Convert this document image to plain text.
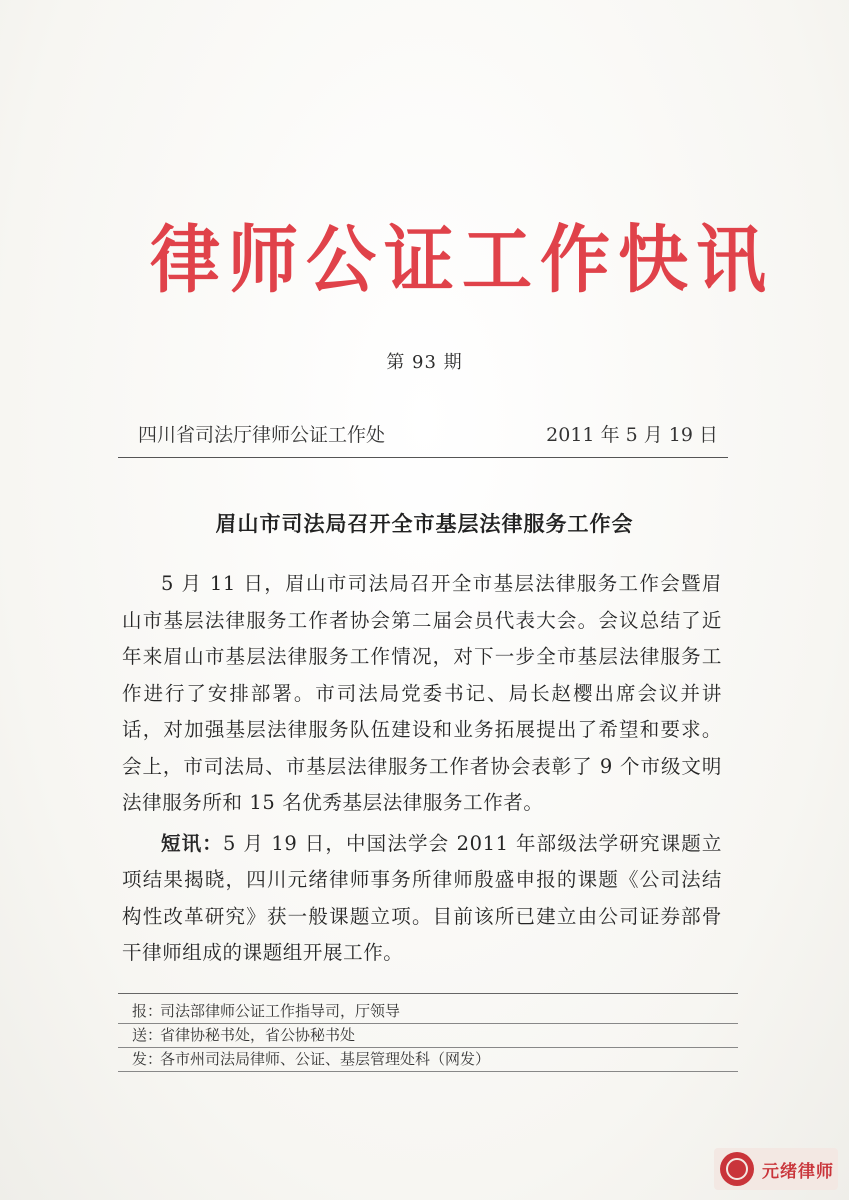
律师公证工作快讯
第 93 期
四川省司法厅律师公证工作处	2011 年 5 月 19 日
眉山市司法局召开全市基层法律服务工作会

5 月 11 日，眉山市司法局召开全市基层法律服务工作会暨眉山市基层法律服务工作者协会第二届会员代表大会。会议总结了近年来眉山市基层法律服务工作情况，对下一步全市基层法律服务工作进行了安排部署。市司法局党委书记、局长赵樱出席会议并讲话，对加强基层法律服务队伍建设和业务拓展提出了希望和要求。会上，市司法局、市基层法律服务工作者协会表彰了 9 个市级文明法律服务所和 15 名优秀基层法律服务工作者。

短讯：5 月 19 日，中国法学会 2011 年部级法学研究课题立项结果揭晓，四川元绪律师事务所律师殷盛申报的课题《公司法结构性改革研究》获一般课题立项。目前该所已建立由公司证券部骨干律师组成的课题组开展工作。

报：司法部律师公证工作指导司，厅领导
送：省律协秘书处，省公协秘书处
发：各市州司法局律师、公证、基层管理处科（网发）
元绪律师
